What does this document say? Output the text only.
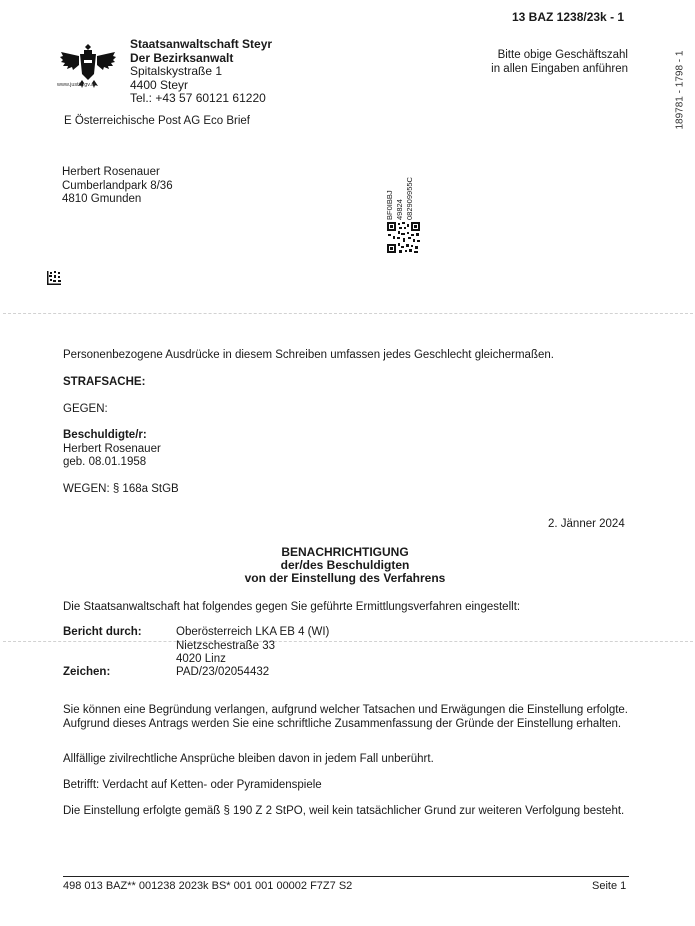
13 BAZ 1238/23k - 1
189781 - 1798 - 1
www.justiz.gv.at
Staatsanwaltschaft Steyr
Der Bezirksanwalt
Spitalskystraße 1
4400 Steyr
Tel.: +43 57 60121 61220
Bitte obige Geschäftszahl
in allen Eingaben anführen
E Österreichische Post AG Eco Brief
Herbert Rosenauer
Cumberlandpark 8/36
4810 Gmunden	BF0IBBJ 49824 082909955C
Personenbezogene Ausdrücke in diesem Schreiben umfassen jedes Geschlecht gleichermaßen.
STRAFSACHE:
GEGEN:
Beschuldigte/r:
Herbert Rosenauer
geb. 08.01.1958
WEGEN: § 168a StGB
2. Jänner 2024
BENACHRICHTIGUNG
der/des Beschuldigten
von der Einstellung des Verfahrens
Die Staatsanwaltschaft hat folgendes gegen Sie geführte Ermittlungsverfahren eingestellt:
Bericht durch:	Oberösterreich LKA EB 4 (WI)
Nietzschestraße 33
4020 Linz
Zeichen:	PAD/23/02054432
Sie können eine Begründung verlangen, aufgrund welcher Tatsachen und Erwägungen die Einstellung erfolgte. Aufgrund dieses Antrags werden Sie eine schriftliche Zusammenfassung der Gründe der Einstellung erhalten.
Allfällige zivilrechtliche Ansprüche bleiben davon in jedem Fall unberührt.
Betrifft: Verdacht auf Ketten- oder Pyramidenspiele
Die Einstellung erfolgte gemäß § 190 Z 2 StPO, weil kein tatsächlicher Grund zur weiteren Verfolgung besteht.
498 013 BAZ** 001238 2023k BS* 001 001 00002 F7Z7 S2	Seite 1
